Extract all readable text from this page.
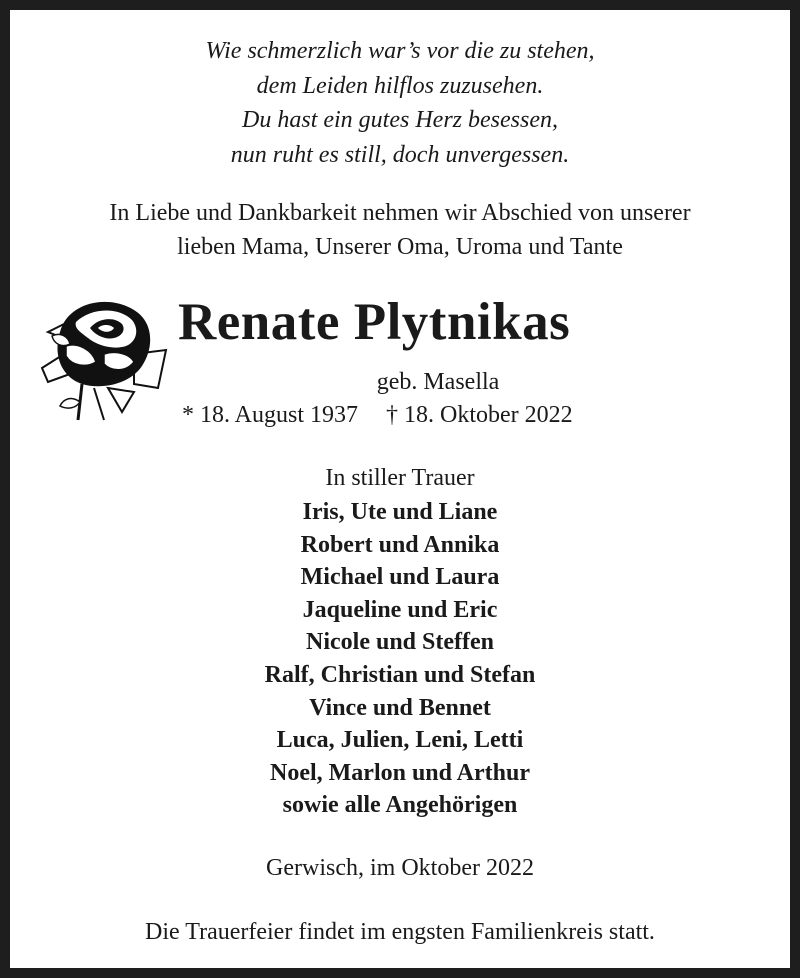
Wie schmerzlich war’s vor die zu stehen,
dem Leiden hilflos zuzusehen.
Du hast ein gutes Herz besessen,
nun ruht es still, doch unvergessen.
In Liebe und Dankbarkeit nehmen wir Abschied von unserer
lieben Mama, Unserer Oma, Uroma und Tante
Renate Plytnikas
geb. Masella
* 18. August 1937 † 18. Oktober 2022
In stiller Trauer
Iris, Ute und Liane
Robert und Annika
Michael und Laura
Jaqueline und Eric
Nicole und Steffen
Ralf, Christian und Stefan
Vince und Bennet
Luca, Julien, Leni, Letti
Noel, Marlon und Arthur
sowie alle Angehörigen
Gerwisch, im Oktober 2022
Die Trauerfeier findet im engsten Familienkreis statt.
